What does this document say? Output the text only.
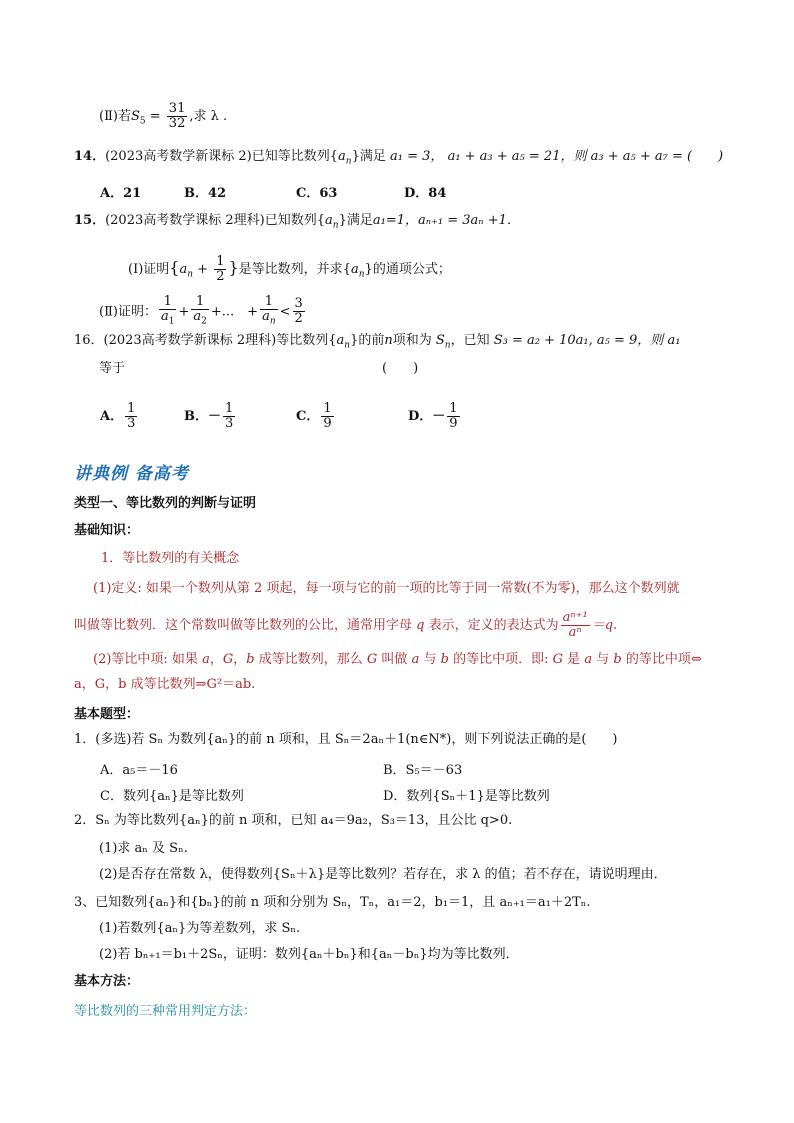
(Ⅱ)若$S_5 = \frac{31}{32}$ ,求 λ .
14．(2023高考数学新课标 2)已知等比数列$\{a_n\}$满足 a₁ = 3， a₁ + a₃ + a₅ = 21，则 a₃ + a₅ + a₇ = (　　)
A．21	B．42	C．63	D．84
15．(2023高考数学课标 2理科)已知数列$\{a_n\}$满足a₁=1，aₙ₊₁ = 3aₙ +1．
(Ⅰ)证明{$a_n + \frac{1}{2}$ }是等比数列，并求$\{a_n\}$的通项公式；
(Ⅱ)证明： $\frac{1}{a_1} + \frac{1}{a_2}$ +...　+ $\frac{1}{a_n} < \frac{3}{2}$
16．(2023高考数学新课标 2理科)等比数列$\{a_n\}$的前n项和为 $S_n$，已知 S₃ = a₂ + 10a₁, a₅ = 9，则 a₁
等于	(　　)
A． $\frac{1}{3}$	B．－ $\frac{1}{3}$	C． $\frac{1}{9}$	D．－ $\frac{1}{9}$
讲典例 备高考
类型一、等比数列的判断与证明
基础知识：
1．等比数列的有关概念
(1)定义: 如果一个数列从第 2 项起，每一项与它的前一项的比等于同一常数(不为零)，那么这个数列就
叫做等比数列．这个常数叫做等比数列的公比，通常用字母 q 表示，定义的表达式为 $\frac{\text{aⁿ⁺¹}}{\text{aⁿ}} =q$.
(2)等比中项: 如果 a，G，b 成等比数列，那么 G 叫做 a 与 b 的等比中项．即: G 是 a 与 b 的等比中项⇔
a，G，b 成等比数列⇒G²＝ab.
基本题型：
1．(多选)若 Sₙ 为数列{aₙ}的前 n 项和，且 Sₙ＝2aₙ＋1(n∈N*)，则下列说法正确的是(　　)
A．a₅＝－16	B．S₅＝－63
C．数列{aₙ}是等比数列	D．数列{Sₙ＋1}是等比数列
2．Sₙ 为等比数列{aₙ}的前 n 项和，已知 a₄＝9a₂，S₃＝13，且公比 q>0.
(1)求 aₙ 及 Sₙ.
(2)是否存在常数 λ，使得数列{Sₙ＋λ}是等比数列？若存在，求 λ 的值；若不存在，请说明理由．
3、已知数列{aₙ}和{bₙ}的前 n 项和分别为 Sₙ，Tₙ，a₁＝2，b₁＝1，且 aₙ₊₁＝a₁＋2Tₙ.
(1)若数列{aₙ}为等差数列，求 Sₙ.
(2)若 bₙ₊₁＝b₁＋2Sₙ，证明：数列{aₙ＋bₙ}和{aₙ－bₙ}均为等比数列．
基本方法：
等比数列的三种常用判定方法：
